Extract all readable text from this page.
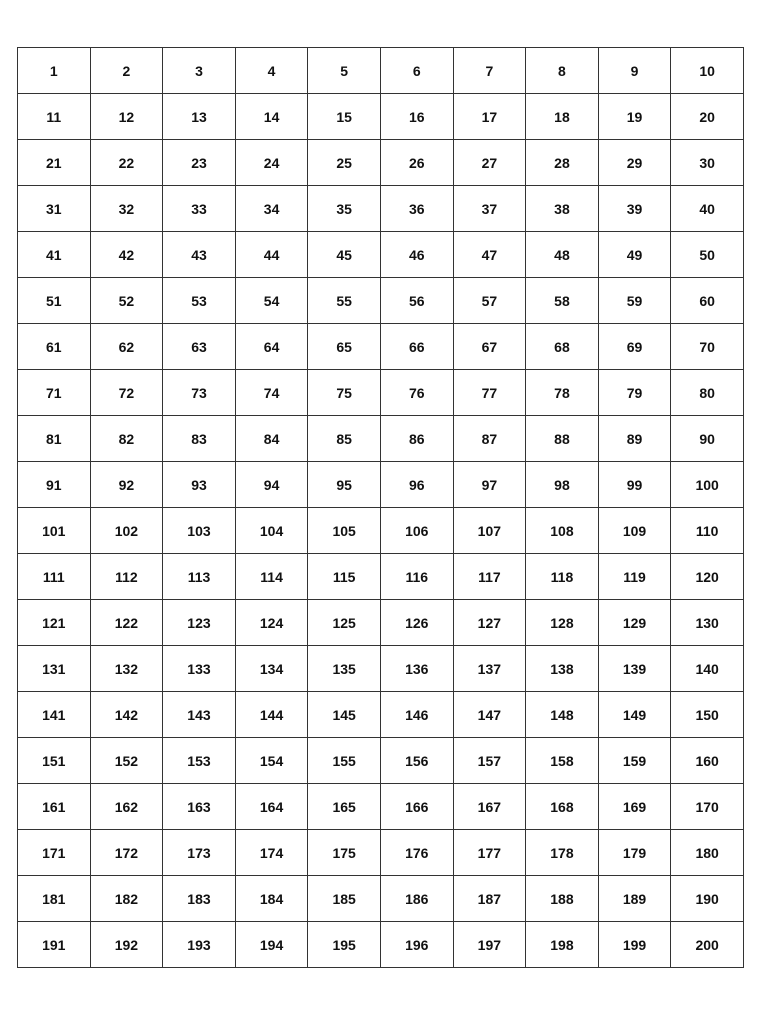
1	2	3	4	5	6	7	8	9	10
11	12	13	14	15	16	17	18	19	20
21	22	23	24	25	26	27	28	29	30
31	32	33	34	35	36	37	38	39	40
41	42	43	44	45	46	47	48	49	50
51	52	53	54	55	56	57	58	59	60
61	62	63	64	65	66	67	68	69	70
71	72	73	74	75	76	77	78	79	80
81	82	83	84	85	86	87	88	89	90
91	92	93	94	95	96	97	98	99	100
101	102	103	104	105	106	107	108	109	110
111	112	113	114	115	116	117	118	119	120
121	122	123	124	125	126	127	128	129	130
131	132	133	134	135	136	137	138	139	140
141	142	143	144	145	146	147	148	149	150
151	152	153	154	155	156	157	158	159	160
161	162	163	164	165	166	167	168	169	170
171	172	173	174	175	176	177	178	179	180
181	182	183	184	185	186	187	188	189	190
191	192	193	194	195	196	197	198	199	200
